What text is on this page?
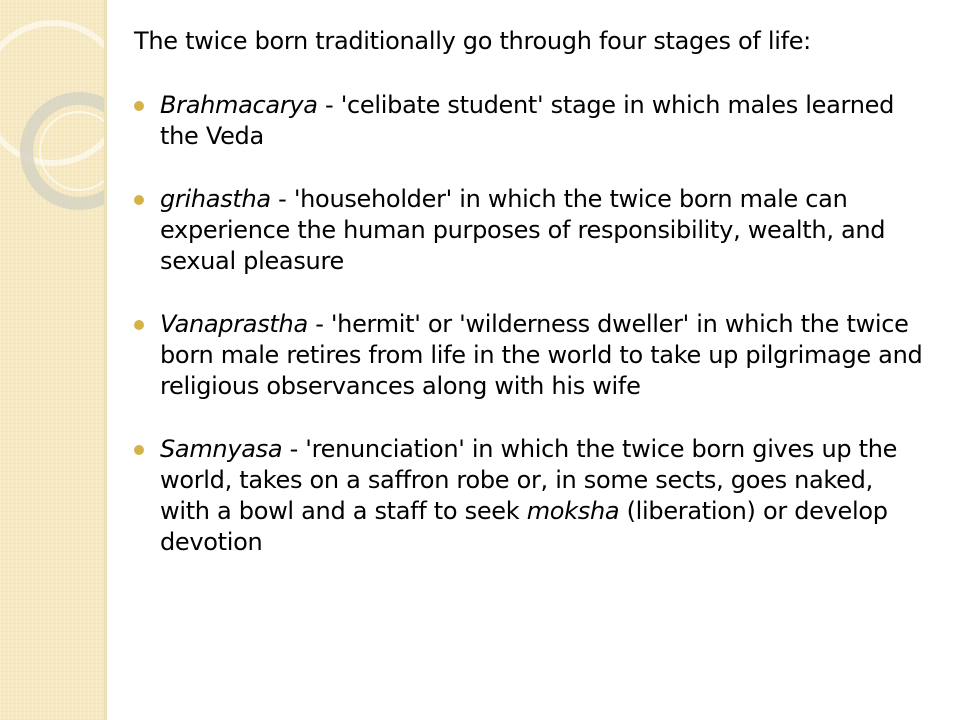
The twice born traditionally go through four stages of life:

Brahmacarya - 'celibate student' stage in which males learned the Veda
grihastha - 'householder' in which the twice born male can experience the human purposes of responsibility, wealth, and sexual pleasure
Vanaprastha - 'hermit' or 'wilderness dweller' in which the twice born male retires from life in the world to take up pilgrimage and religious observances along with his wife
Samnyasa - 'renunciation' in which the twice born gives up the world, takes on a saffron robe or, in some sects, goes naked, with a bowl and a staff to seek moksha (liberation) or develop devotion
